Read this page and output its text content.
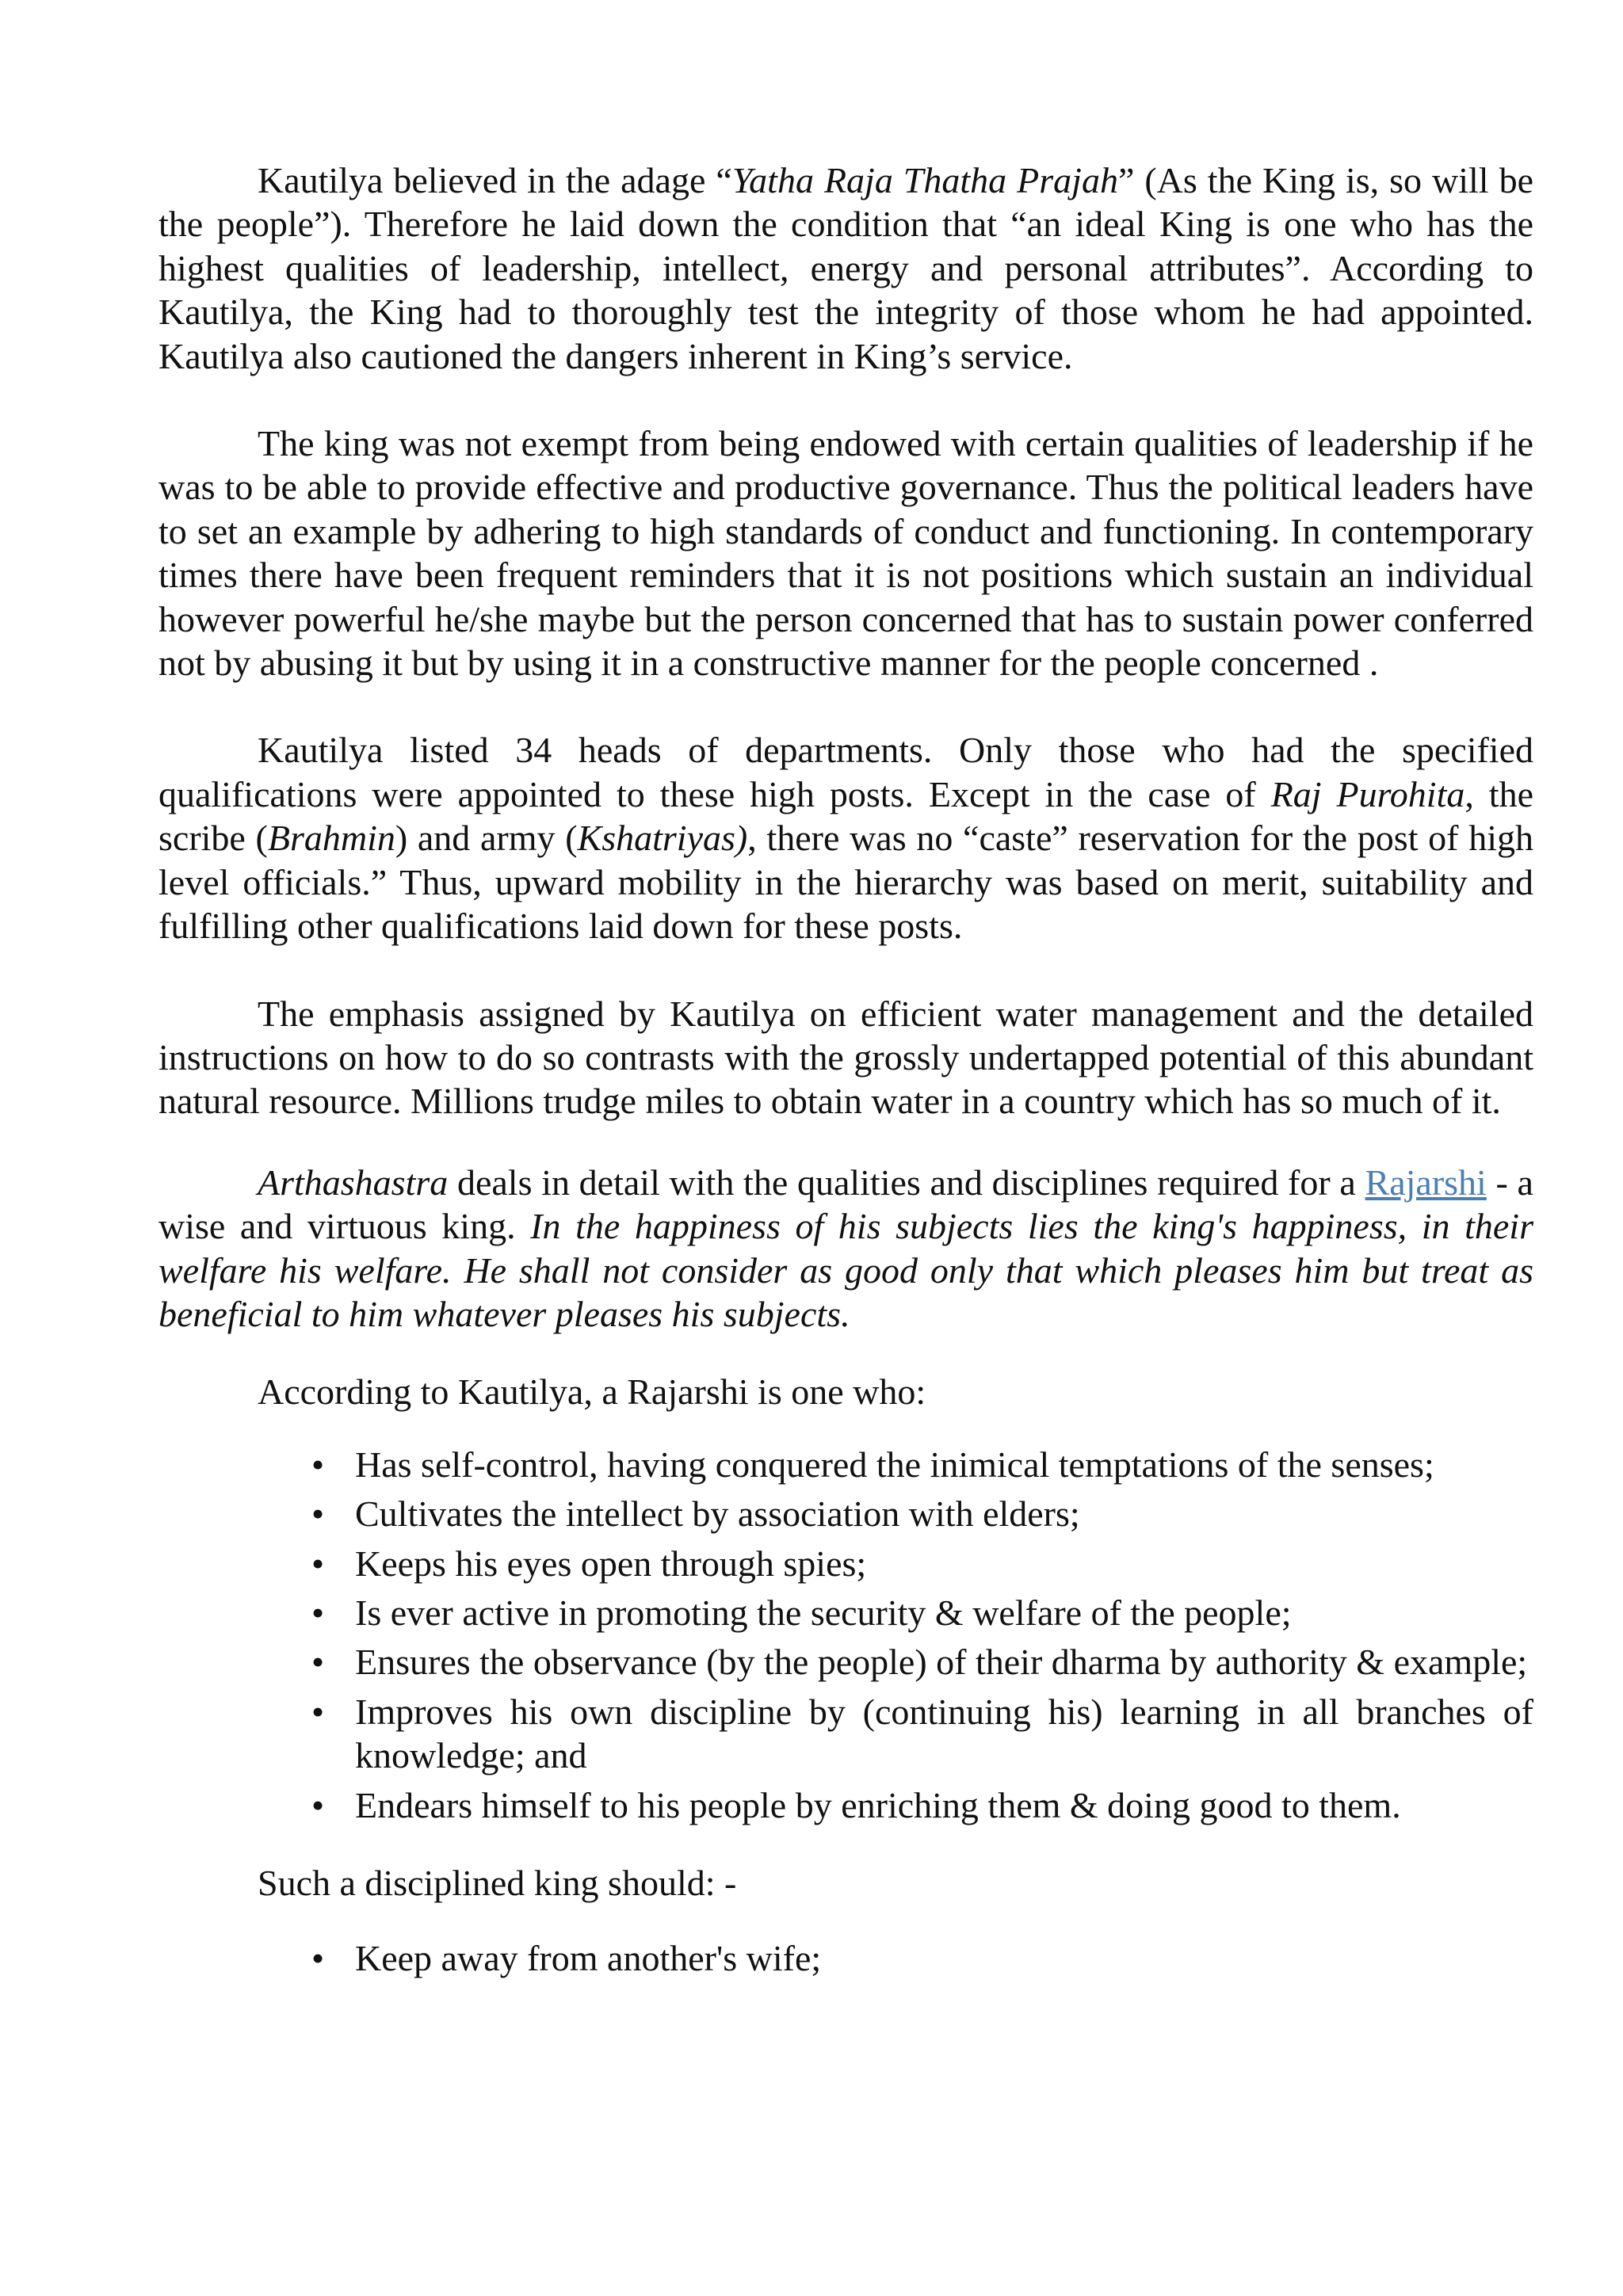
Kautilya believed in the adage “Yatha Raja Thatha Prajah” (As the King is, so will be the people”). Therefore he laid down the condition that “an ideal King is one who has the highest qualities of leadership, intellect, energy and personal attributes”. According to Kautilya, the King had to thoroughly test the integrity of those whom he had appointed. Kautilya also cautioned the dangers inherent in King’s service.

The king was not exempt from being endowed with certain qualities of leadership if he was to be able to provide effective and productive governance. Thus the political leaders have to set an example by adhering to high standards of conduct and functioning. In contemporary times there have been frequent reminders that it is not positions which sustain an individual however powerful he/she maybe but the person concerned that has to sustain power conferred not by abusing it but by using it in a constructive manner for the people concerned .

Kautilya listed 34 heads of departments. Only those who had the specified qualifications were appointed to these high posts. Except in the case of Raj Purohita, the scribe (Brahmin) and army (Kshatriyas), there was no “caste” reservation for the post of high level officials.” Thus, upward mobility in the hierarchy was based on merit, suitability and fulfilling other qualifications laid down for these posts.

The emphasis assigned by Kautilya on efficient water management and the detailed instructions on how to do so contrasts with the grossly undertapped potential of this abundant natural resource. Millions trudge miles to obtain water in a country which has so much of it.

Arthashastra deals in detail with the qualities and disciplines required for a Rajarshi - a wise and virtuous king. In the happiness of his subjects lies the king's happiness, in their welfare his welfare. He shall not consider as good only that which pleases him but treat as beneficial to him whatever pleases his subjects.

According to Kautilya, a Rajarshi is one who:

• Has self-control, having conquered the inimical temptations of the senses;
• Cultivates the intellect by association with elders;
• Keeps his eyes open through spies;
• Is ever active in promoting the security & welfare of the people;
• Ensures the observance (by the people) of their dharma by authority & example;
• Improves his own discipline by (continuing his) learning in all branches of knowledge; and
• Endears himself to his people by enriching them & doing good to them.

Such a disciplined king should: -

• Keep away from another's wife;
